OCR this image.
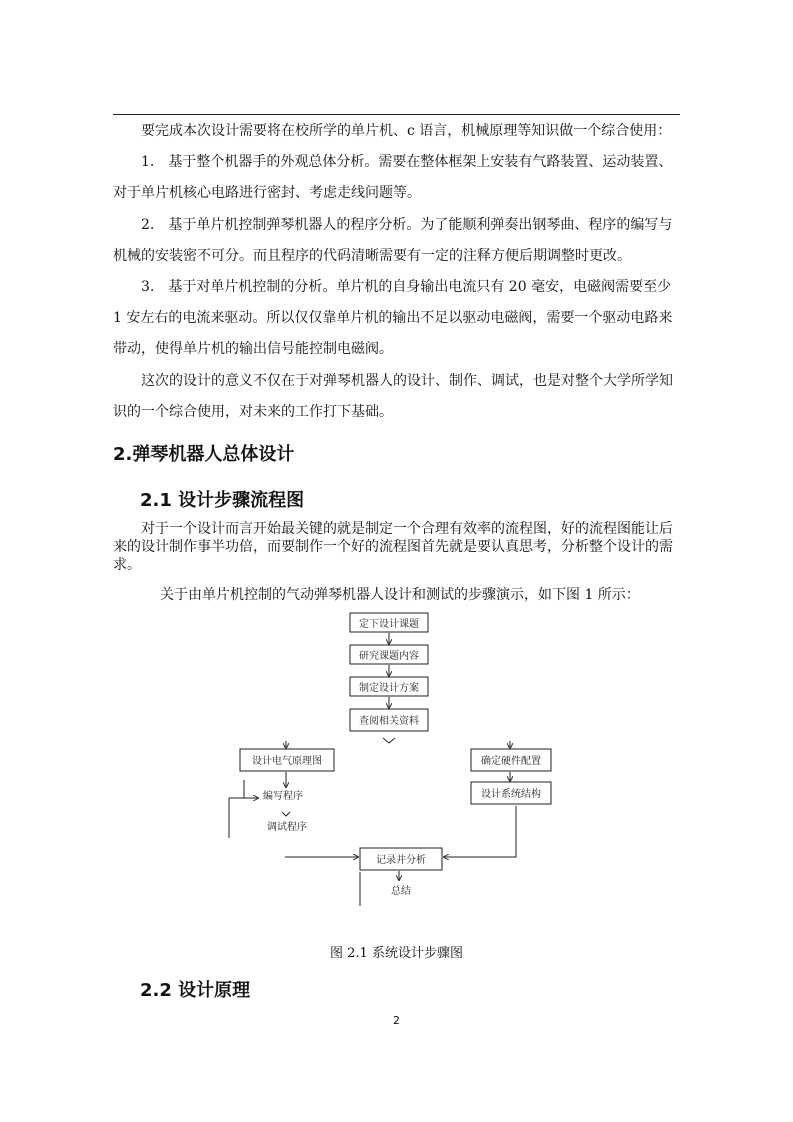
要完成本次设计需要将在校所学的单片机、c 语言，机械原理等知识做一个综合使用：

1.　基于整个机器手的外观总体分析。需要在整体框架上安装有气路装置、运动装置、对于单片机核心电路进行密封、考虑走线问题等。

2.　基于单片机控制弹琴机器人的程序分析。为了能顺利弹奏出钢琴曲、程序的编写与机械的安装密不可分。而且程序的代码清晰需要有一定的注释方便后期调整时更改。

3.　基于对单片机控制的分析。单片机的自身输出电流只有 20 毫安，电磁阀需要至少 1 安左右的电流来驱动。所以仅仅靠单片机的输出不足以驱动电磁阀，需要一个驱动电路来带动，使得单片机的输出信号能控制电磁阀。

这次的设计的意义不仅在于对弹琴机器人的设计、制作、调试，也是对整个大学所学知识的一个综合使用，对未来的工作打下基础。

2.弹琴机器人总体设计
2.1 设计步骤流程图

对于一个设计而言开始最关键的就是制定一个合理有效率的流程图，好的流程图能让后来的设计制作事半功倍，而要制作一个好的流程图首先就是要认真思考，分析整个设计的需求。

关于由单片机控制的气动弹琴机器人设计和测试的步骤演示，如下图 1 所示：

定下设计课题
研究课题内容
制定设计方案
查阅相关资料
设计电气原理图	确定硬件配置
设计系统结构
编写程序
调试程序
记录并分析
总结

图 2.1 系统设计步骤图

2.2 设计原理
2
